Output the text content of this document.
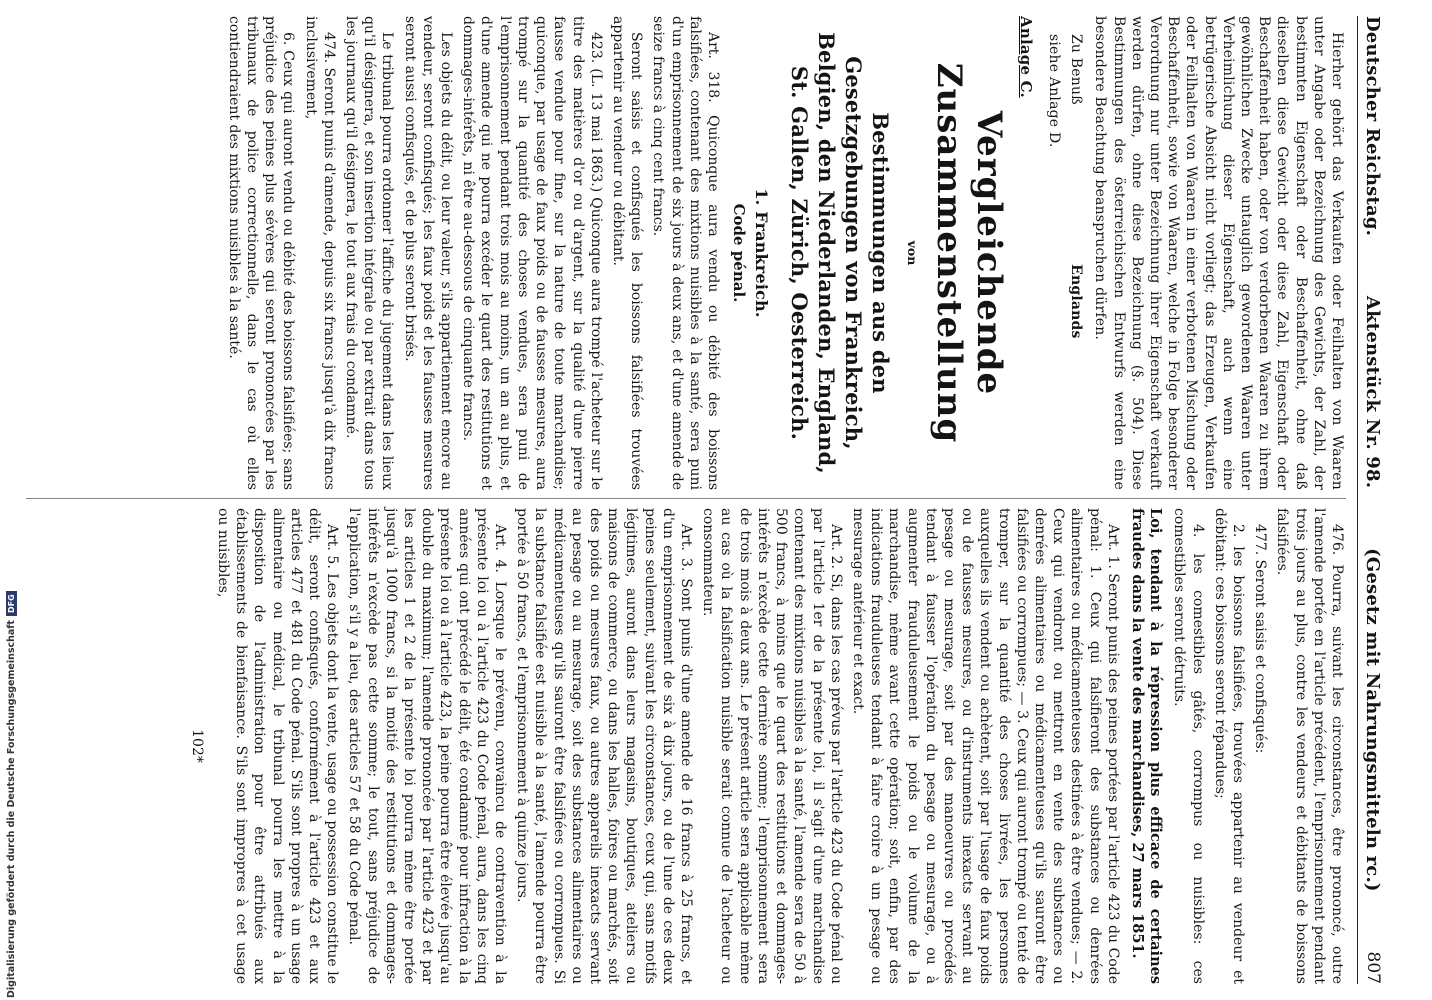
Deutscher Reichstag.
Aktenstück Nr. 98.
(Gesetz mit Nahrungsmitteln rc.)
807

Hierher gehört das Verkaufen oder Feilhalten von Waaren unter Angabe oder Bezeichnung des Gewichts, der Zahl, der bestimmten Eigenschaft oder Beschaffenheit, ohne daß dieselben diese Gewicht oder diese Zahl, Eigenschaft oder Beschaffenheit haben, oder von verdorbenen Waaren zu ihrem gewöhnlichen Zwecke untauglich gewordenen Waaren unter Verheimlichung dieser Eigenschaft, auch wenn eine betrügerische Absicht nicht vorliegt; das Erzeugen, Verkaufen oder Feilhalten von Waaren in einer verbotenen Mischung oder Beschaffenheit, sowie von Waaren, welche in Folge besonderer Verordnung nur unter Bezeichnung ihrer Eigenschaft verkauft werden dürfen, ohne diese Bezeichnung (§. 504). Diese Bestimmungen des österreichischen Entwurfs werden eine besondere Beachtung beanspruchen dürfen.

Zu Benuß  Englands

siehe Anlage D.

Anlage C.

Vergleichende Zusammenstellung

von

Bestimmungen aus den Gesetzgebungen von Frankreich, Belgien, den Niederlanden, England, St. Gallen, Zürich, Oesterreich.

1. Frankreich.

Code pénal.

Art. 318. Quiconque aura vendu ou débité des boissons falsifiées, contenant des mixtions nuisibles à la santé, sera puni d'un emprisonnement de six jours à deux ans, et d'une amende de seize francs à cinq cent francs.

Seront saisis et confisqués les boissons falsifiées trouvées appartenir au vendeur ou débitant.

423. (L. 13 mai 1863.) Quiconque aura trompé l'acheteur sur le titre des matières d'or ou d'argent, sur la qualité d'une pierre fausse vendue pour fine, sur la nature de toute marchandise; quiconque, par usage de faux poids ou de fausses mesures, aura trompé sur la quantité des choses vendues, sera puni de l'emprisonnement pendant trois mois au moins, un an au plus, et d'une amende qui ne pourra excéder le quart des restitutions et dommages-intérêts, ni être au-dessous de cinquante francs.

Les objets du délit, ou leur valeur, s'ils appartiennent encore au vendeur, seront confisqués; les faux poids et les fausses mesures seront aussi confisqués, et de plus seront brisés.

Le tribunal pourra ordonner l'affiche du jugement dans les lieux qu'il désignera, et son insertion intégrale ou par extrait dans tous les journaux qu'il désignera, le tout aux frais du condamné.

474. Seront punis d'amende, depuis six francs jusqu'à dix francs inclusivement,

6. Ceux qui auront vendu ou débité des boissons falsifiées; sans préjudice des peines plus sévères qui seront prononcées par les tribunaux de police correctionnelle, dans le cas où elles contiendraient des mixtions nuisibles à la santé.

476. Pourra, suivant les circonstances, être prononcé, outre l'amende portée en l'article précédent, l'emprisonnement pendant trois jours au plus, contre les vendeurs et débitants de boissons falsifiées.

477. Seront saisis et confisqués:

2. les boissons falsifiées, trouvées appartenir au vendeur et débitant: ces boissons seront répandues;

4. les comestibles gâtés, corrompus ou nuisibles: ces comestibles seront détruits.

Loi, tendant à la répression plus efficace de certaines fraudes dans la vente des marchandises, 27 mars 1851.

Art. 1. Seront punis des peines portées par l'article 423 du Code pénal: 1. Ceux qui falsifieront des substances ou denrées alimentaires ou médicamenteuses destinées à être vendues; — 2. Ceux qui vendront ou mettront en vente des substances ou denrées alimentaires ou médicamenteuses qu'ils sauront être falsifiées ou corrompues; — 3. Ceux qui auront trompé ou tenté de tromper, sur la quantité des choses livrées, les personnes auxquelles ils vendent ou achètent, soit par l'usage de faux poids ou de fausses mesures, ou d'instruments inexacts servant au pesage ou mesurage, soit par des manoeuvres ou procédés tendant à fausser l'opération du pesage ou mesurage, ou à augmenter frauduleusement le poids ou le volume de la marchandise, même avant cette opération; soit, enfin, par des indications frauduleuses tendant à faire croire à un pesage ou mesurage antérieur et exact.

Art. 2. Si, dans les cas prévus par l'article 423 du Code pénal ou par l'article 1er de la présente loi, il s'agit d'une marchandise contenant des mixtions nuisibles à la santé, l'amende sera de 50 à 500 francs, à moins que le quart des restitutions et dommages-intérêts n'excède cette dernière somme; l'emprisonnement sera de trois mois à deux ans. Le présent article sera applicable même au cas où la falsification nuisible serait connue de l'acheteur ou consommateur.

Art. 3. Sont punis d'une amende de 16 francs à 25 francs, et d'un emprisonnement de six à dix jours, ou de l'une de ces deux peines seulement, suivant les circonstances, ceux qui, sans motifs légitimes, auront dans leurs magasins, boutiques, ateliers ou maisons de commerce, ou dans les halles, foires ou marchés, soit des poids ou mesures faux, ou autres appareils inexacts servant au pesage ou au mesurage, soit des substances alimentaires ou médicamenteuses qu'ils sauront être falsifiées ou corrompues. Si la substance falsifiée est nuisible à la santé, l'amende pourra être portée à 50 francs, et l'emprisonnement à quinze jours.

Art. 4. Lorsque le prévenu, convaincu de contravention à la présente loi ou à l'article 423 du Code pénal, aura, dans les cinq années qui ont précédé le délit, été condamné pour infraction à la présente loi ou à l'article 423, la peine pourra être élevée jusqu'au double du maximum; l'amende prononcée par l'article 423 et par les articles 1 et 2 de la présente loi pourra même être portée jusqu'à 1000 francs, si la moitié des restitutions et dommages-intérêts n'excède pas cette somme; le tout, sans préjudice de l'application, s'il y a lieu, des articles 57 et 58 du Code pénal.

Art. 5. Les objets dont la vente, usage ou possession constitue le délit, seront confisqués, conformément à l'article 423 et aux articles 477 et 481 du Code pénal. S'ils sont propres à un usage alimentaire ou médical, le tribunal pourra les mettre à la disposition de l'administration pour être attribués aux établissements de bienfaisance. S'ils sont impropres à cet usage ou nuisibles,

102*

Digitalisierung gefördert durch die Deutsche Forschungsgemeinschaft
DFG
